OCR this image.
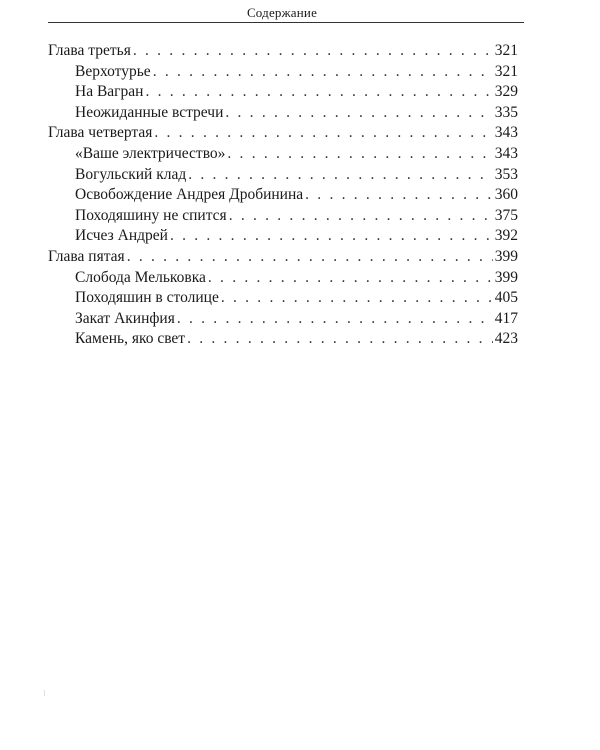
Содержание
Глава третья . . .	321
Верхотурье . . .	321
На Вагран . . .	329
Неожиданные встречи . . .	335
Глава четвертая . . .	343
«Ваше электричество» . . .	343
Вогульский клад . . .	353
Освобождение Андрея Дробинина . . .	360
Походяшину не спится . . .	375
Исчез Андрей . . .	392
Глава пятая . . .	399
Слобода Мельковка . . .	399
Походяшин в столице . . .	405
Закат Акинфия . . .	417
Камень, яко свет . . .	423
